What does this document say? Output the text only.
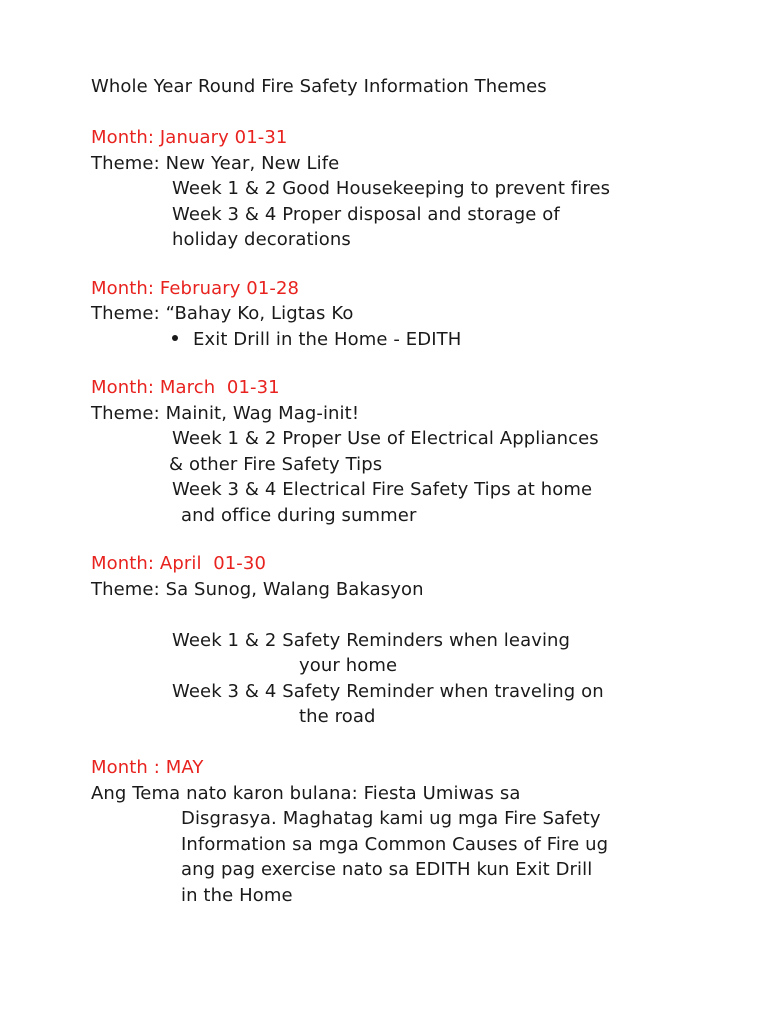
Whole Year Round Fire Safety Information Themes
Month: January 01-31
Theme: New Year, New Life
Week 1 & 2 Good Housekeeping to prevent fires
Week 3 & 4 Proper disposal and storage of
holiday decorations
Month: February 01-28
Theme: “Bahay Ko, Ligtas Ko
Exit Drill in the Home - EDITH
Month: March  01-31
Theme: Mainit, Wag Mag-init!
Week 1 & 2 Proper Use of Electrical Appliances
& other Fire Safety Tips
Week 3 & 4 Electrical Fire Safety Tips at home
and office during summer
Month: April  01-30
Theme: Sa Sunog, Walang Bakasyon
Week 1 & 2 Safety Reminders when leaving
your home
Week 3 & 4 Safety Reminder when traveling on
the road
Month : MAY
Ang Tema nato karon bulana: Fiesta Umiwas sa
Disgrasya. Maghatag kami ug mga Fire Safety
Information sa mga Common Causes of Fire ug
ang pag exercise nato sa EDITH kun Exit Drill
in the Home
